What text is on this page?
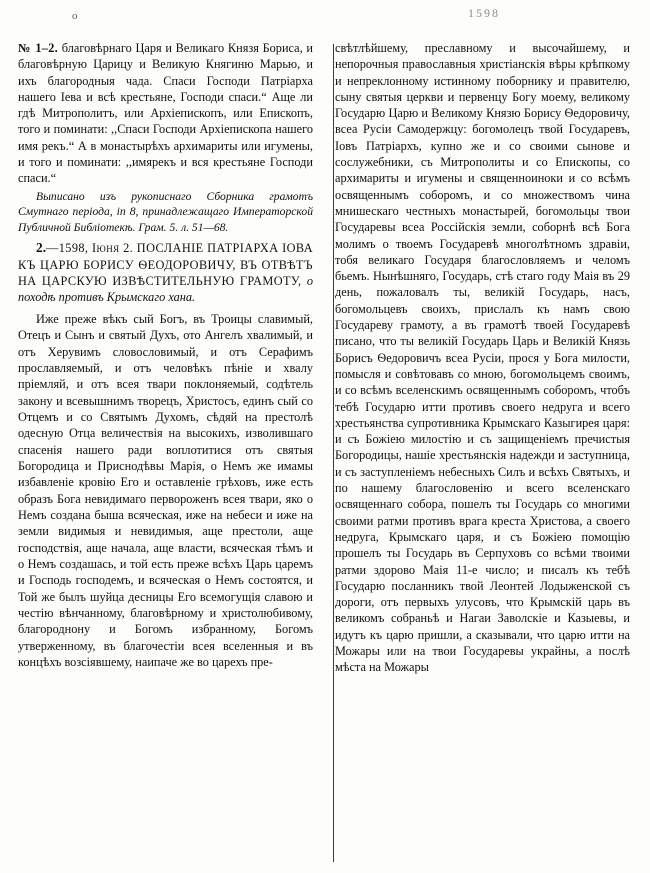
о	1598

№ 1–2. благовѣрнаго Царя и Великаго Князя Бориса, и благовѣрную Царицу и Великую Княгиню Марью, и ихъ благородныя чада. Спаси Господи Патріарха нашего Іева и всѣ крестьяне, Господи спаси.“ Аще ли гдѣ Митрополитъ, или Архіепископъ, или Епископъ, того и поминати: ,,Спаси Господи Архіепископа нашего имя рекъ.“ А в монастырѣхъ архимариты или игумены, и того и поминати: ,,имярекъ и вся крестьяне Господи спаси.“

Выписано изъ рукописнаго Сборника грамотъ Смутнаго періода, in 8, принадлежащаго Императорской Публичной Библіотекѣ. Грам. 5. л. 51—68.

2.—1598, Іюня 2. ПОСЛАНІЕ ПАТРІАРХА ІОВА КЪ ЦАРЮ БОРИСУ ѲЕОДОРОВИЧУ, ВЪ ОТВѢТЪ НА ЦАРСКУЮ ИЗВѢСТИТЕЛЬНУЮ ГРАМОТУ, о походѣ противъ Крымскаго хана.

Иже преже вѣкъ сый Богъ, въ Троицы славимый, Отецъ и Сынъ и святый Духъ, ото Ангелъ хвалимый, и отъ Херувимъ словословимый, и отъ Серафимъ прославляемый, и отъ человѣкъ пѣніе и хвалу пріемляй, и отъ всея твари поклоняемый, содѣтель закону и всевышнимъ творецъ, Христосъ, единъ сый со Отцемъ и со Святымъ Духомъ, сѣдяй на престолѣ одесную Отца величествія на высокихъ, изволившаго спасенія нашего ради воплотитися отъ святыя Богородица и Приснодѣвы Марія, о Немъ же имамы избавленіе кровію Его и оставленіе грѣховъ, иже есть образъ Бога невидимаго первороженъ всея твари, яко о Немъ создана быша всяческая, иже на небеси и иже на земли видимыя и невидимыя, аще престоли, аще господствія, аще начала, аще власти, всяческая тѣмъ и о Немъ создашась, и той есть преже всѣхъ Царь царемъ и Господь господемъ, и всяческая о Немъ состоятся, и Той же былъ шуйца десницы Его всемогущія славою и честію вѣнчанному, благовѣрному и христолюбивому, благороднону и Богомъ избранному, Богомъ утверженному, въ благочестіи всея вселенныя и въ концѣхъ возсіявшему, наипаче же во царехъ пре-

свѣтлѣйшему, преславному и высочайшему, и непорочныя православныя христіанскія вѣры крѣпкому и непреклонному истинному поборнику и правителю, сыну святыя церкви и первенцу Богу моему, великому Государю Царю и Великому Князю Борису Ѳедоровичу, всеа Русіи Самодержцу: богомолецъ твой Государевъ, Іовъ Патріархъ, купно же и со своими сынове и сослужебники, съ Митрополиты и со Епископы, со архимариты и игумены и священноиноки и со всѣмъ освященнымъ соборомъ, и со множествомъ чина мнишескаго честныхъ монастырей, богомольцы твои Государевы всеа Россійскія земли, соборнѣ всѣ Бога молимъ о твоемъ Государевѣ многолѣтномъ здравіи, тобя великаго Государя благословляемъ и челомъ бьемъ. Нынѣшняго, Государь, стѣ стаго году Маія въ 29 день, пожаловалъ ты, великій Государь, насъ, богомольцевъ своихъ, прислалъ къ намъ свою Государеву грамоту, а въ грамотѣ твоей Государевѣ писано, что ты великій Государь Царь и Великій Князь Борисъ Ѳедоровичъ всеа Русіи, прося у Бога милости, помысля и совѣтовавъ со мною, богомольцемъ своимъ, и со всѣмъ вселенскимъ освященнымъ соборомъ, чтобъ тебѣ Государю итти противъ своего недруга и всего хрестьянства супротивника Крымскаго Казыгирея царя: и съ Божіею милостію и съ защищеніемъ пречистыя Богородицы, нашіе хрестьянскія надежди и заступница, и съ заступленіемъ небесныхъ Силъ и всѣхъ Святыхъ, и по нашему благословенію и всего вселенскаго освященнаго собора, пошелъ ты Государь со многими своими ратми противъ врага креста Христова, а своего недруга, Крымскаго царя, и съ Божіею помощію прошелъ ты Государь въ Серпуховъ со всѣми твоими ратми здорово Маія 11-е число; и писалъ къ тебѣ Государю посланникъ твой Леонтей Лодыженской съ дороги, отъ первыхъ улусовъ, что Крымскій царь въ великомъ собраньѣ и Нагаи Заволскіе и Казыевы, и идутъ къ царю пришли, а сказывали, что царю итти на Можары или на твои Государевы украйны, а послѣ мѣста на Можары
